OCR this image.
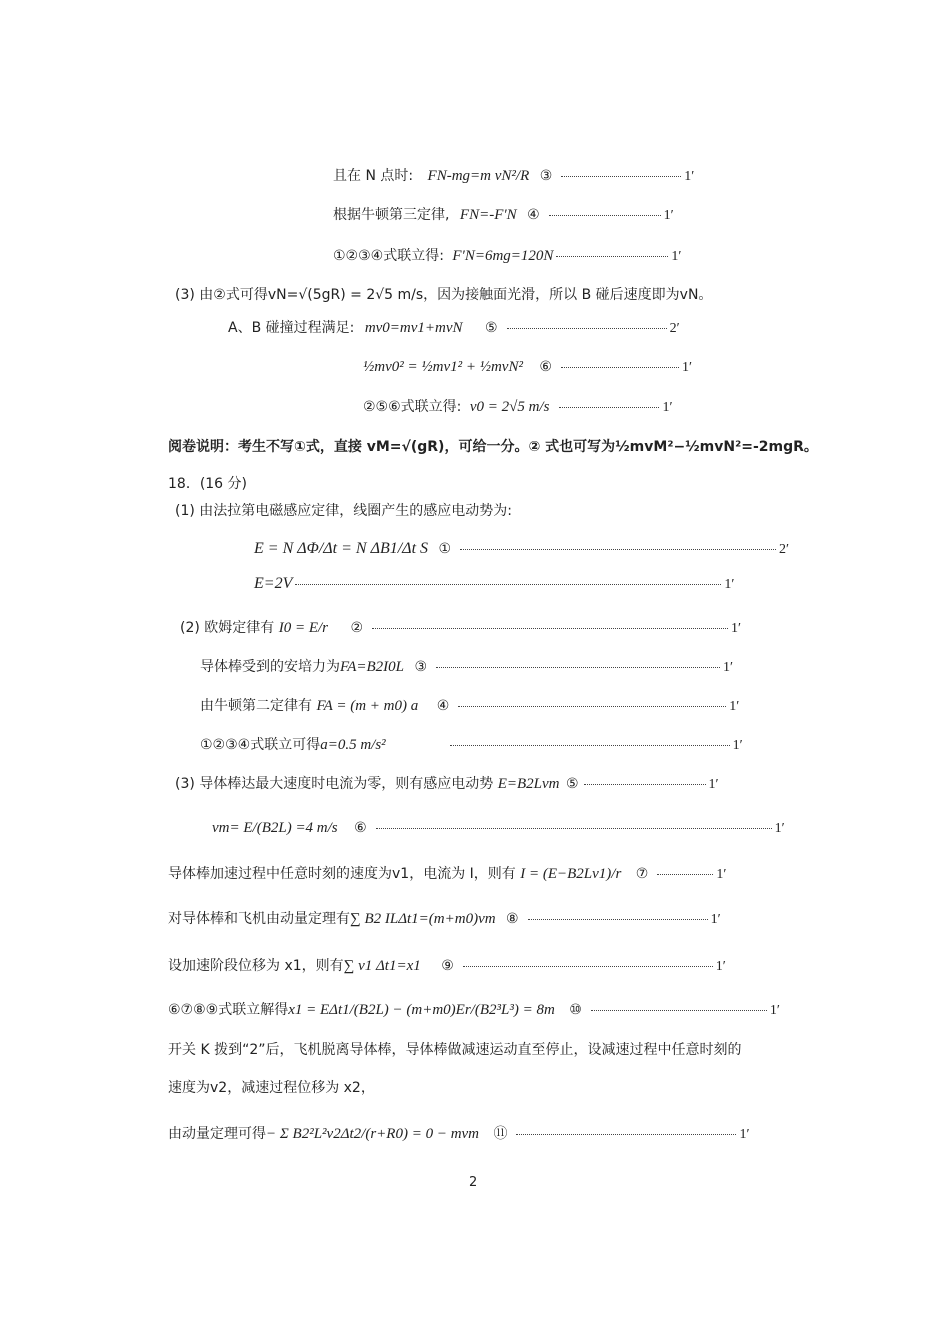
且在 N 点时: FN-mg=m vN²/R ③	1′
根据牛顿第三定律, FN=-F′N ④	1′
①②③④式联立得: F′N=6mg=120N	1′
(3) 由②式可得vN=√(5gR) = 2√5 m/s，因为接触面光滑，所以 B 碰后速度即为vN。
A、B 碰撞过程满足: mv0=mv1+mvN ⑤	2′
½mv0² = ½mv1² + ½mvN² ⑥	1′
②⑤⑥式联立得: v0 = 2√5 m/s	1′
阅卷说明：考生不写①式，直接 vM=√(gR)，可给一分。② 式也可写为½mvM²−½mvN²=-2mgR。
18．(16 分)
(1) 由法拉第电磁感应定律，线圈产生的感应电动势为:
E = N ΔΦ/Δt = N ΔB1/Δt S ①	2′
E=2V	1′
(2) 欧姆定律有 I0 = E/r ②	1′
导体棒受到的安培力为FA=B2I0L ③	1′
由牛顿第二定律有 FA = (m + m0) a ④	1′
①②③④式联立可得a=0.5 m/s²	1′
(3) 导体棒达最大速度时电流为零，则有感应电动势 E=B2Lvm ⑤	1′
vm= E/(B2L) =4 m/s ⑥	1′
导体棒加速过程中任意时刻的速度为v1，电流为 I，则有 I = (E−B2Lv1)/r ⑦	1′
对导体棒和飞机由动量定理有∑ B2 ILΔt1=(m+m0)vm ⑧	1′
设加速阶段位移为 x1，则有∑ v1 Δt1=x1 ⑨	1′
⑥⑦⑧⑨式联立解得x1 = EΔt1/(B2L) − (m+m0)Er/(B2³L³) = 8m ⑩	1′
开关 K 拨到“2”后，飞机脱离导体棒，导体棒做减速运动直至停止，设减速过程中任意时刻的
速度为v2，减速过程位移为 x2，
由动量定理可得− Σ B2²L²v2Δt2/(r+R0) = 0 − mvm ⑪	1′
2
